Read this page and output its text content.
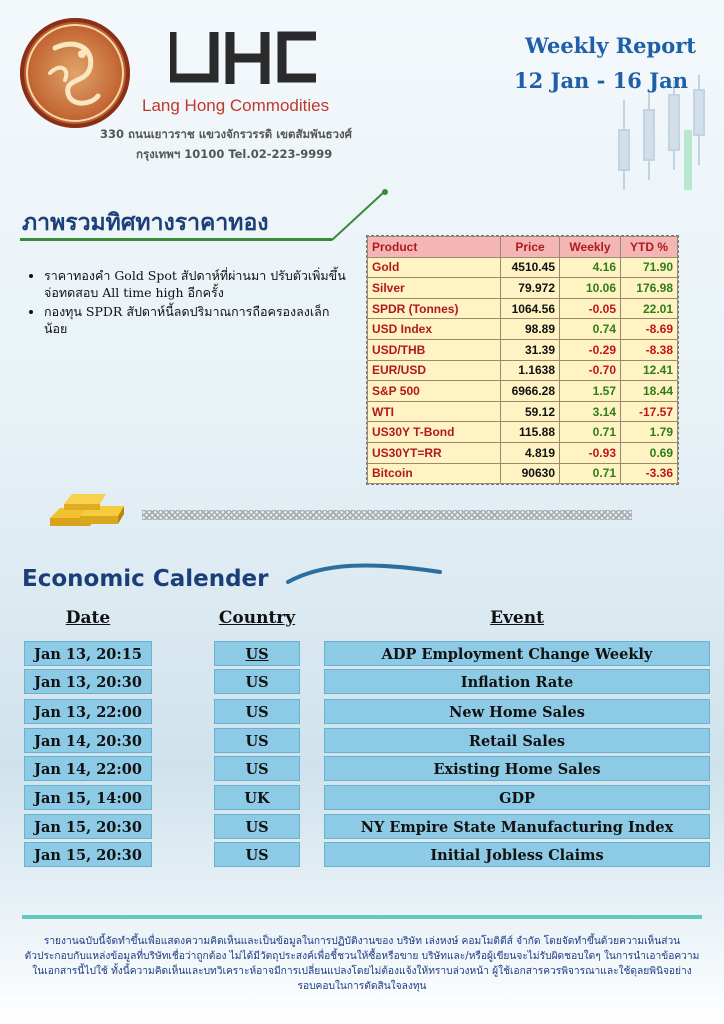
Lang Hong Commodities
330 ถนนเยาวราช แขวงจักรวรรดิ เขตสัมพันธวงศ์
กรุงเทพฯ 10100 Tel.02-223-9999
Weekly Report
12 Jan - 16 Jan
ภาพรวมทิศทางราคาทอง
• ราคาทองคำ Gold Spot สัปดาห์ที่ผ่านมา ปรับตัวเพิ่มขึ้นจ่อทดสอบ All time high อีกครั้ง
• กองทุน SPDR สัปดาห์นี้ลดปริมาณการถือครองลงเล็กน้อย
Product	Price	Weekly	YTD %
Gold	4510.45	4.16	71.90
Silver	79.972	10.06	176.98
SPDR (Tonnes)	1064.56	-0.05	22.01
USD Index	98.89	0.74	-8.69
USD/THB	31.39	-0.29	-8.38
EUR/USD	1.1638	-0.70	12.41
S&P 500	6966.28	1.57	18.44
WTI	59.12	3.14	-17.57
US30Y T-Bond	115.88	0.71	1.79
US30YT=RR	4.819	-0.93	0.69
Bitcoin	90630	0.71	-3.36
Economic Calender
Date	Country	Event
Jan 13, 20:15	US	ADP Employment Change Weekly
Jan 13, 20:30	US	Inflation Rate
Jan 13, 22:00	US	New Home Sales
Jan 14, 20:30	US	Retail Sales
Jan 14, 22:00	US	Existing Home Sales
Jan 15, 14:00	UK	GDP
Jan 15, 20:30	US	NY Empire State Manufacturing Index
Jan 15, 20:30	US	Initial Jobless Claims
รายงานฉบับนี้จัดทำขึ้นเพื่อแสดงความคิดเห็นและเป็นข้อมูลในการปฏิบัติงานของ บริษัท เล่งหงษ์ คอมโมดิตีส์ จำกัด โดยจัดทำขึ้นด้วยความเห็นส่วนตัวประกอบกับแหล่งข้อมูลที่บริษัทเชื่อว่าถูกต้อง ไม่ได้มีวัตถุประสงค์เพื่อชี้ชวนให้ซื้อหรือขาย บริษัทและ/หรือผู้เขียนจะไม่รับผิดชอบใดๆ ในการนำเอาข้อความในเอกสารนี้ไปใช้ ทั้งนี้ความคิดเห็นและบทวิเคราะห์อาจมีการเปลี่ยนแปลงโดยไม่ต้องแจ้งให้ทราบล่วงหน้า ผู้ใช้เอกสารควรพิจารณาและใช้ดุลยพินิจอย่างรอบคอบในการตัดสินใจลงทุน
